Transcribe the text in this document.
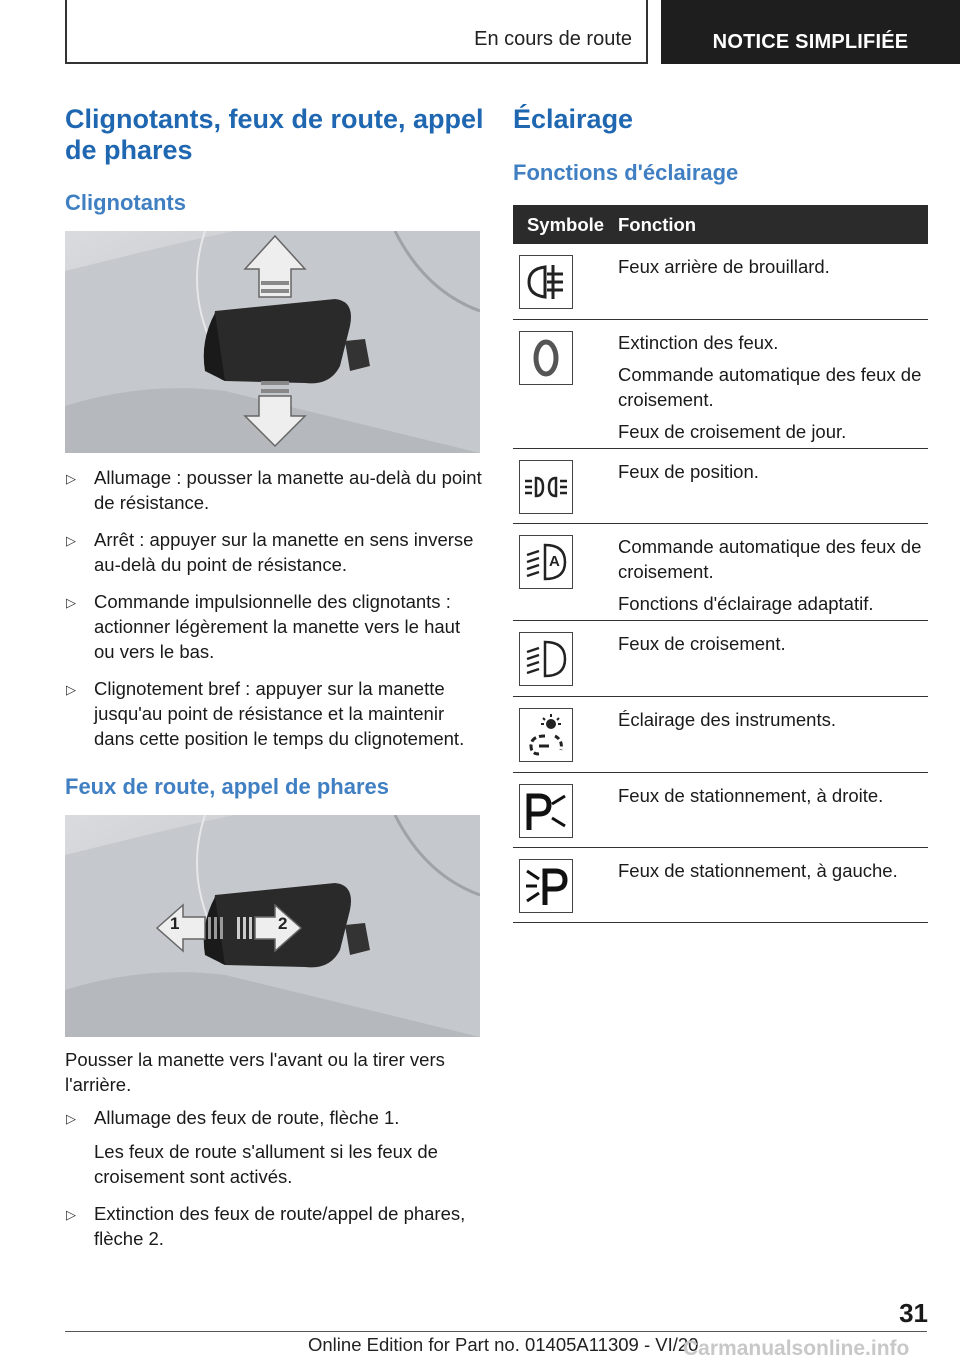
En cours de route	NOTICE SIMPLIFIÉE
Clignotants, feux de route, appel de phares
Clignotants
▷ Allumage : pousser la manette au-delà du point de résistance.
▷ Arrêt : appuyer sur la manette en sens inverse au-delà du point de résistance.
▷ Commande impulsionnelle des clignotants : actionner légèrement la manette vers le haut ou vers le bas.
▷ Clignotement bref : appuyer sur la manette jusqu'au point de résistance et la maintenir dans cette position le temps du clignotement.
Feux de route, appel de phares
1	2

Pousser la manette vers l'avant ou la tirer vers l'arrière.

▷ Allumage des feux de route, flèche 1.
Les feux de route s'allument si les feux de croisement sont activés.
▷ Extinction des feux de route/appel de phares, flèche 2.
Éclairage
Fonctions d'éclairage
Symbole Fonction
Feux arrière de brouillard.
Extinction des feux.
Commande automatique des feux de croisement.
Feux de croisement de jour.
Feux de position.
A
Commande automatique des feux de croisement.
Fonctions d'éclairage adaptatif.
Feux de croisement.
Éclairage des instruments.
Feux de stationnement, à droite.
Feux de stationnement, à gauche.
31
Online Edition for Part no. 01405A11309 - VI/20
Carmanualsonline.info
